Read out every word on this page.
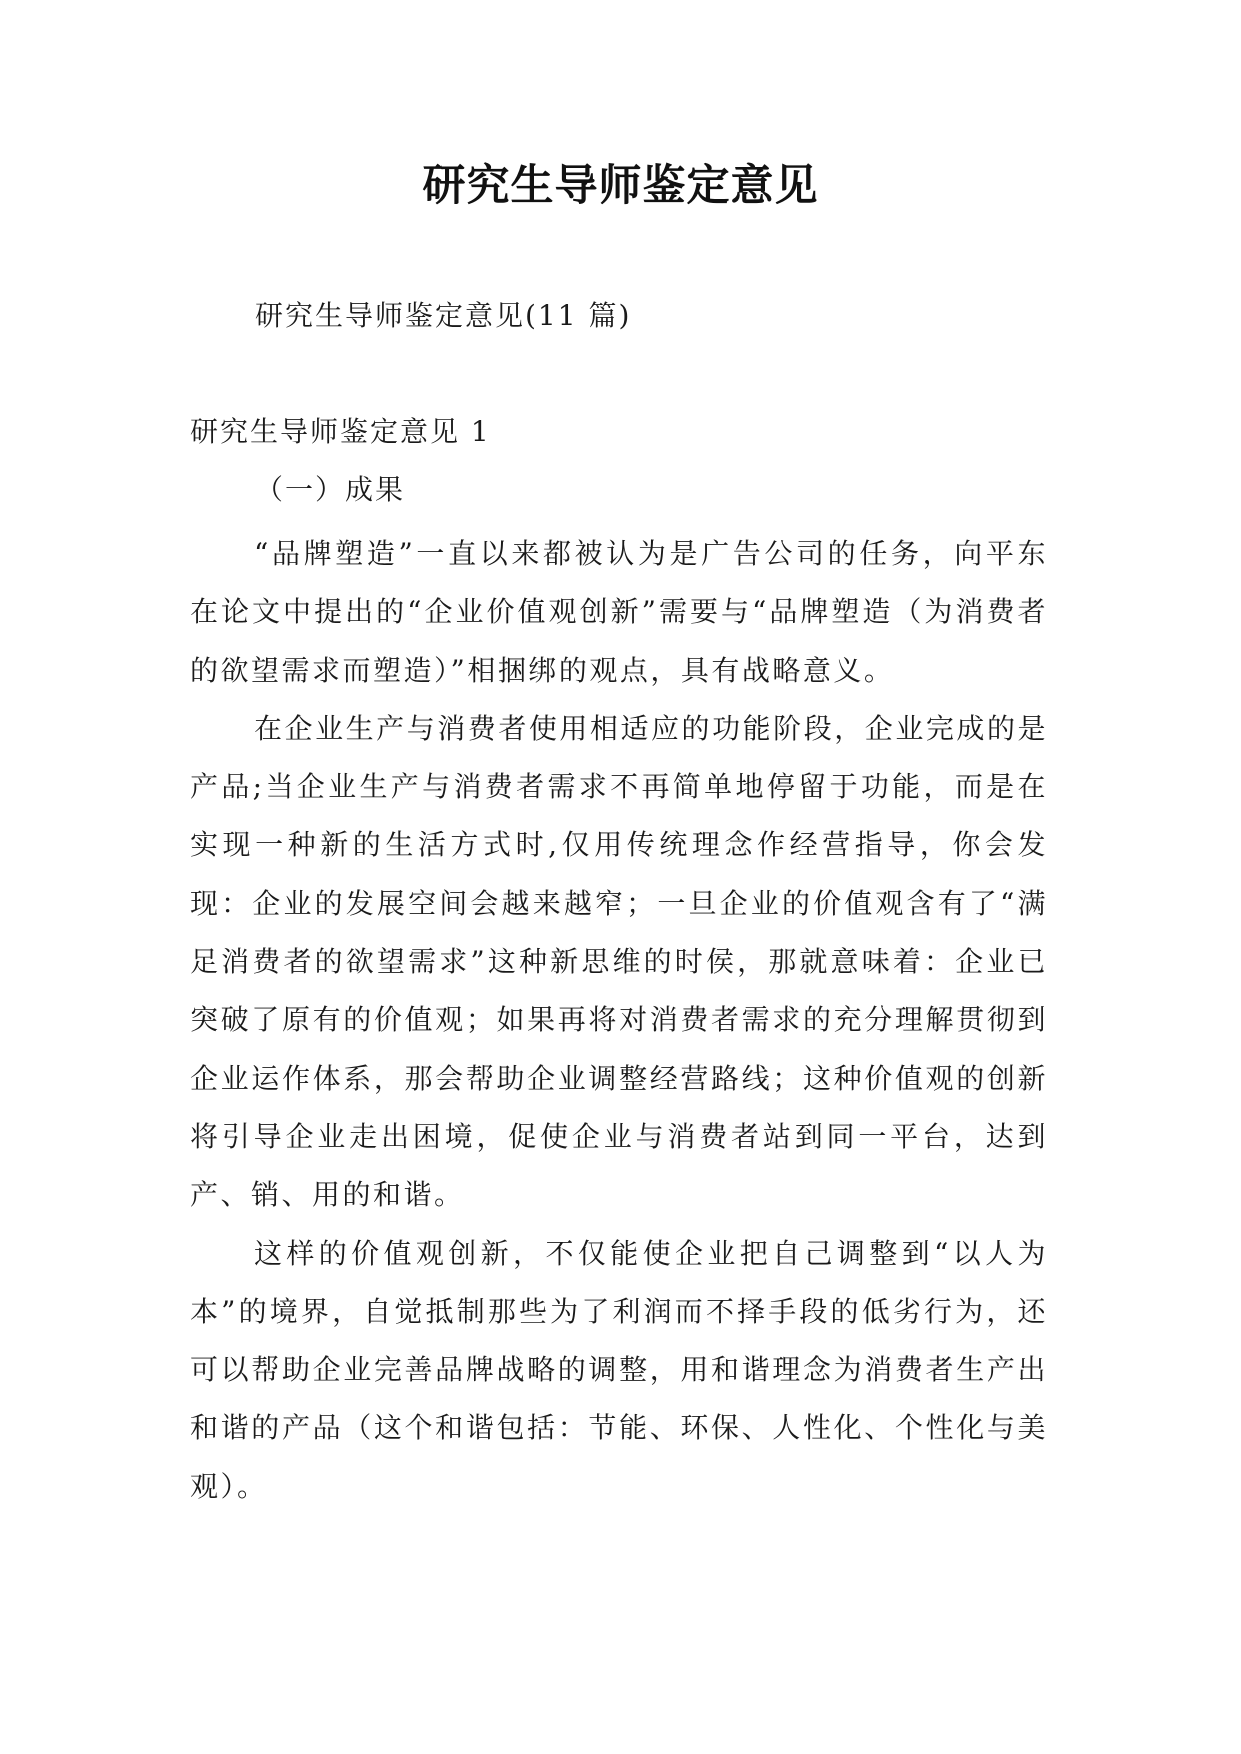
研究生导师鉴定意见
研究生导师鉴定意见(11 篇)
研究生导师鉴定意见 1
（一）成果

“品牌塑造”一直以来都被认为是广告公司的任务，向平东在论文中提出的“企业价值观创新”需要与“品牌塑造（为消费者的欲望需求而塑造）”相捆绑的观点，具有战略意义。

在企业生产与消费者使用相适应的功能阶段，企业完成的是产品;当企业生产与消费者需求不再简单地停留于功能，而是在实现一种新的生活方式时,仅用传统理念作经营指导，你会发现：企业的发展空间会越来越窄；一旦企业的价值观含有了“满足消费者的欲望需求”这种新思维的时侯，那就意味着：企业已突破了原有的价值观；如果再将对消费者需求的充分理解贯彻到企业运作体系，那会帮助企业调整经营路线；这种价值观的创新将引导企业走出困境，促使企业与消费者站到同一平台，达到产、销、用的和谐。

这样的价值观创新，不仅能使企业把自己调整到“以人为本”的境界，自觉抵制那些为了利润而不择手段的低劣行为，还可以帮助企业完善品牌战略的调整，用和谐理念为消费者生产出和谐的产品（这个和谐包括：节能、环保、人性化、个性化与美观）。
